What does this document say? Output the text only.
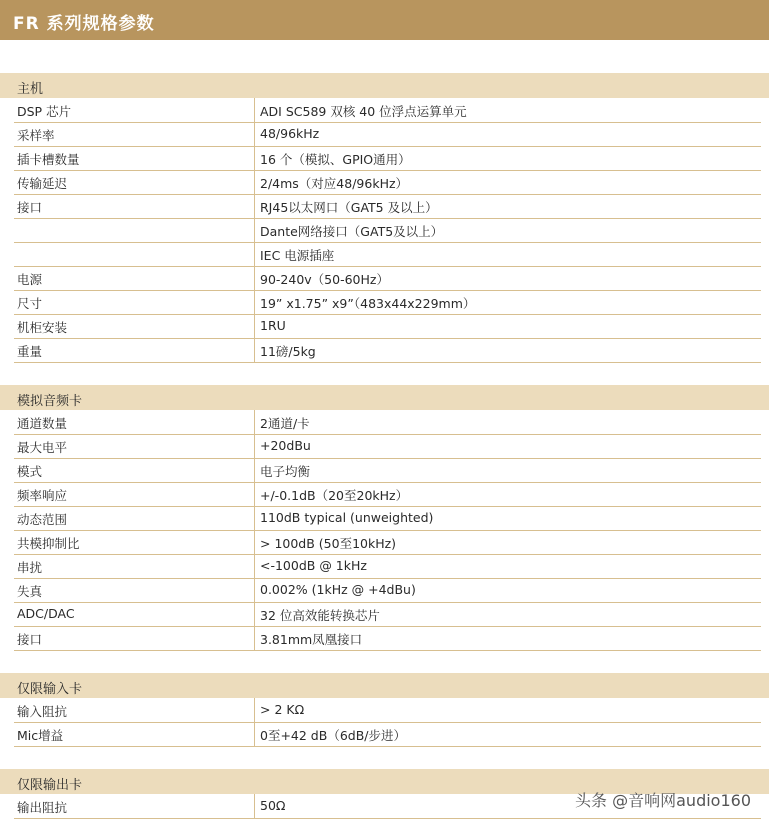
FR 系列规格参数
主机
DSP 芯片	ADI SC589 双核 40 位浮点运算单元
采样率	48/96kHz
插卡槽数量	16 个（模拟、GPIO通用）
传输延迟	2/4ms（对应48/96kHz）
接口	RJ45以太网口（GAT5 及以上）
Dante网络接口（GAT5及以上）
IEC 电源插座
电源	90-240v（50-60Hz）
尺寸	19” x1.75” x9”（483x44x229mm）
机柜安装	1RU
重量	11磅/5kg
模拟音频卡
通道数量	2通道/卡
最大电平	+20dBu
模式	电子均衡
频率响应	+/-0.1dB（20至20kHz）
动态范围	110dB typical (unweighted)
共模抑制比	> 100dB (50至10kHz)
串扰	<-100dB @ 1kHz
失真	0.002% (1kHz @ +4dBu)
ADC/DAC	32 位高效能转换芯片
接口	3.81mm凤凰接口
仅限输入卡
输入阻抗	> 2 KΩ
Mic增益	0至+42 dB（6dB/步进）
仅限输出卡
输出阻抗	50Ω	头条 @音响网audio160
